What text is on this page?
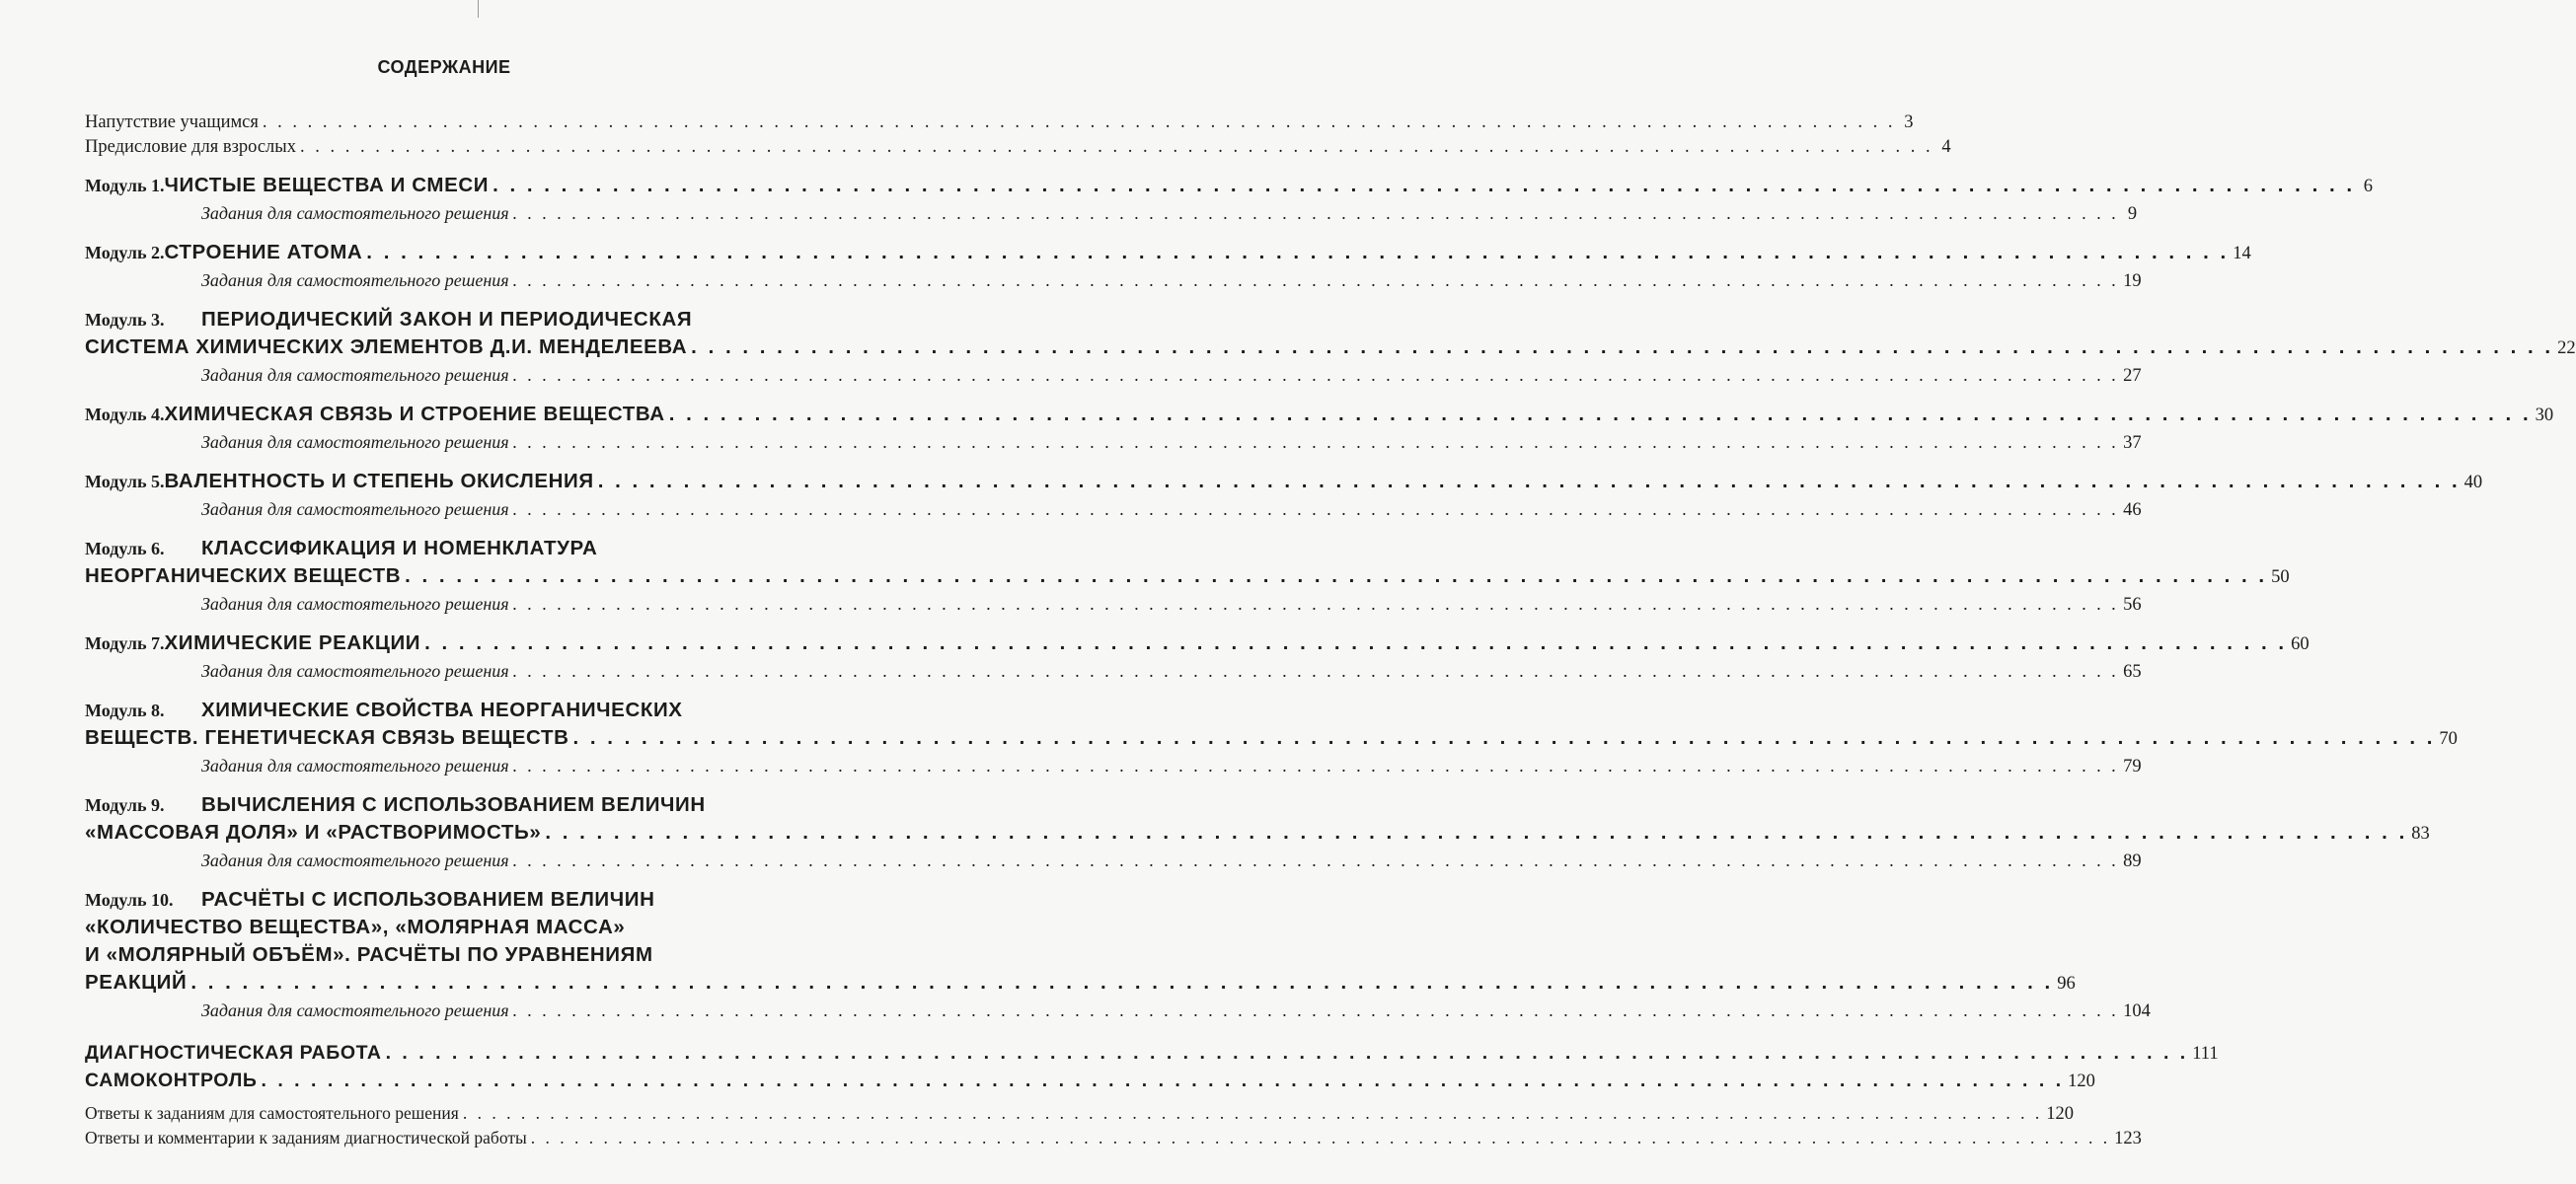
СОДЕРЖАНИЕ
Напутствие учащимся . . . . . . . . . . . . . . . . . . . . . . . . . . . . . . . . . . . . . . . . . . . . . . . . . . . . . . . . . . . . . . . . . . . . . . . . . . . . . . . . . . . . . . . . . . . . . . . . . . . . . . . . . . . . . 3
Предисловие для взрослых . . . . . . . . . . . . . . . . . . . . . . . . . . . . . . . . . . . . . . . . . . . . . . . . . . . . . . . . . . . . . . . . . . . . . . . . . . . . . . . . . . . . . . . . . . . . . . . . . . . . . . . . . . . . . 4
Модуль 1. ЧИСТЫЕ ВЕЩЕСТВА И СМЕСИ . . . . . . . . . . . . . . . . . . . . . . . . . . . . . . . . . . . . . . . . . . . . . . . . . . . . . . . . . . . . . . . . . . . . . . . . . . . . . . . . . . . . . . . . . . . . . . . . . . . . . . . . . . . . . 6
Задания для самостоятельного решения . . . . . . . . . . . . . . . . . . . . . . . . . . . . . . . . . . . . . . . . . . . . . . . . . . . . . . . . . . . . . . . . . . . . . . . . . . . . . . . . . . . . . . . . . . . . . . . . . . . . . . . . . . . . . 9
Модуль 2. СТРОЕНИЕ АТОМА . . . . . . . . . . . . . . . . . . . . . . . . . . . . . . . . . . . . . . . . . . . . . . . . . . . . . . . . . . . . . . . . . . . . . . . . . . . . . . . . . . . . . . . . . . . . . . . . . . . . . . . . . . . . . 14
Задания для самостоятельного решения . . . . . . . . . . . . . . . . . . . . . . . . . . . . . . . . . . . . . . . . . . . . . . . . . . . . . . . . . . . . . . . . . . . . . . . . . . . . . . . . . . . . . . . . . . . . . . . . . . . . . . . . . . . . . 19
Модуль 3. ПЕРИОДИЧЕСКИЙ ЗАКОН И ПЕРИОДИЧЕСКАЯ
СИСТЕМА ХИМИЧЕСКИХ ЭЛЕМЕНТОВ Д.И. МЕНДЕЛЕЕВА . . . . . . . . . . . . . . . . . . . . . . . . . . . . . . . . . . . . . . . . . . . . . . . . . . . . . . . . . . . . . . . . . . . . . . . . . . . . . . . . . . . . . . . . . . . . . . . . . . . . . . . . . . . . . 22
Задания для самостоятельного решения . . . . . . . . . . . . . . . . . . . . . . . . . . . . . . . . . . . . . . . . . . . . . . . . . . . . . . . . . . . . . . . . . . . . . . . . . . . . . . . . . . . . . . . . . . . . . . . . . . . . . . . . . . . . . 27
Модуль 4. ХИМИЧЕСКАЯ СВЯЗЬ И СТРОЕНИЕ ВЕЩЕСТВА . . . . . . . . . . . . . . . . . . . . . . . . . . . . . . . . . . . . . . . . . . . . . . . . . . . . . . . . . . . . . . . . . . . . . . . . . . . . . . . . . . . . . . . . . . . . . . . . . . . . . . . . . . . . . 30
Задания для самостоятельного решения . . . . . . . . . . . . . . . . . . . . . . . . . . . . . . . . . . . . . . . . . . . . . . . . . . . . . . . . . . . . . . . . . . . . . . . . . . . . . . . . . . . . . . . . . . . . . . . . . . . . . . . . . . . . . 37
Модуль 5. ВАЛЕНТНОСТЬ И СТЕПЕНЬ ОКИСЛЕНИЯ . . . . . . . . . . . . . . . . . . . . . . . . . . . . . . . . . . . . . . . . . . . . . . . . . . . . . . . . . . . . . . . . . . . . . . . . . . . . . . . . . . . . . . . . . . . . . . . . . . . . . . . . . . . . . 40
Задания для самостоятельного решения . . . . . . . . . . . . . . . . . . . . . . . . . . . . . . . . . . . . . . . . . . . . . . . . . . . . . . . . . . . . . . . . . . . . . . . . . . . . . . . . . . . . . . . . . . . . . . . . . . . . . . . . . . . . . 46
Модуль 6. КЛАССИФИКАЦИЯ И НОМЕНКЛАТУРА
НЕОРГАНИЧЕСКИХ ВЕЩЕСТВ . . . . . . . . . . . . . . . . . . . . . . . . . . . . . . . . . . . . . . . . . . . . . . . . . . . . . . . . . . . . . . . . . . . . . . . . . . . . . . . . . . . . . . . . . . . . . . . . . . . . . . . . . . . . . 50
Задания для самостоятельного решения . . . . . . . . . . . . . . . . . . . . . . . . . . . . . . . . . . . . . . . . . . . . . . . . . . . . . . . . . . . . . . . . . . . . . . . . . . . . . . . . . . . . . . . . . . . . . . . . . . . . . . . . . . . . . 56
Модуль 7. ХИМИЧЕСКИЕ РЕАКЦИИ . . . . . . . . . . . . . . . . . . . . . . . . . . . . . . . . . . . . . . . . . . . . . . . . . . . . . . . . . . . . . . . . . . . . . . . . . . . . . . . . . . . . . . . . . . . . . . . . . . . . . . . . . . . . . 60
Задания для самостоятельного решения . . . . . . . . . . . . . . . . . . . . . . . . . . . . . . . . . . . . . . . . . . . . . . . . . . . . . . . . . . . . . . . . . . . . . . . . . . . . . . . . . . . . . . . . . . . . . . . . . . . . . . . . . . . . . 65
Модуль 8. ХИМИЧЕСКИЕ СВОЙСТВА НЕОРГАНИЧЕСКИХ
ВЕЩЕСТВ. ГЕНЕТИЧЕСКАЯ СВЯЗЬ ВЕЩЕСТВ . . . . . . . . . . . . . . . . . . . . . . . . . . . . . . . . . . . . . . . . . . . . . . . . . . . . . . . . . . . . . . . . . . . . . . . . . . . . . . . . . . . . . . . . . . . . . . . . . . . . . . . . . . . . . 70
Задания для самостоятельного решения . . . . . . . . . . . . . . . . . . . . . . . . . . . . . . . . . . . . . . . . . . . . . . . . . . . . . . . . . . . . . . . . . . . . . . . . . . . . . . . . . . . . . . . . . . . . . . . . . . . . . . . . . . . . . 79
Модуль 9. ВЫЧИСЛЕНИЯ С ИСПОЛЬЗОВАНИЕМ ВЕЛИЧИН
«МАССОВАЯ ДОЛЯ» И «РАСТВОРИМОСТЬ» . . . . . . . . . . . . . . . . . . . . . . . . . . . . . . . . . . . . . . . . . . . . . . . . . . . . . . . . . . . . . . . . . . . . . . . . . . . . . . . . . . . . . . . . . . . . . . . . . . . . . . . . . . . . . 83
Задания для самостоятельного решения . . . . . . . . . . . . . . . . . . . . . . . . . . . . . . . . . . . . . . . . . . . . . . . . . . . . . . . . . . . . . . . . . . . . . . . . . . . . . . . . . . . . . . . . . . . . . . . . . . . . . . . . . . . . . 89
Модуль 10. РАСЧЁТЫ С ИСПОЛЬЗОВАНИЕМ ВЕЛИЧИН
«КОЛИЧЕСТВО ВЕЩЕСТВА», «МОЛЯРНАЯ МАССА»
И «МОЛЯРНЫЙ ОБЪЁМ». РАСЧЁТЫ ПО УРАВНЕНИЯМ
РЕАКЦИЙ . . . . . . . . . . . . . . . . . . . . . . . . . . . . . . . . . . . . . . . . . . . . . . . . . . . . . . . . . . . . . . . . . . . . . . . . . . . . . . . . . . . . . . . . . . . . . . . . . . . . . . . . . . . . . 96
Задания для самостоятельного решения . . . . . . . . . . . . . . . . . . . . . . . . . . . . . . . . . . . . . . . . . . . . . . . . . . . . . . . . . . . . . . . . . . . . . . . . . . . . . . . . . . . . . . . . . . . . . . . . . . . . . . . . . . . . . 104
ДИАГНОСТИЧЕСКАЯ РАБОТА . . . . . . . . . . . . . . . . . . . . . . . . . . . . . . . . . . . . . . . . . . . . . . . . . . . . . . . . . . . . . . . . . . . . . . . . . . . . . . . . . . . . . . . . . . . . . . . . . . . . . . . . . . . . . 111
САМОКОНТРОЛЬ . . . . . . . . . . . . . . . . . . . . . . . . . . . . . . . . . . . . . . . . . . . . . . . . . . . . . . . . . . . . . . . . . . . . . . . . . . . . . . . . . . . . . . . . . . . . . . . . . . . . . . . . . . . . . 120
Ответы к заданиям для самостоятельного решения . . . . . . . . . . . . . . . . . . . . . . . . . . . . . . . . . . . . . . . . . . . . . . . . . . . . . . . . . . . . . . . . . . . . . . . . . . . . . . . . . . . . . . . . . . . . . . . . . . . . . . . . . . . . . 120
Ответы и комментарии к заданиям диагностической работы . . . . . . . . . . . . . . . . . . . . . . . . . . . . . . . . . . . . . . . . . . . . . . . . . . . . . . . . . . . . . . . . . . . . . . . . . . . . . . . . . . . . . . . . . . . . . . . . . . . . . . . . . . . . . 123
